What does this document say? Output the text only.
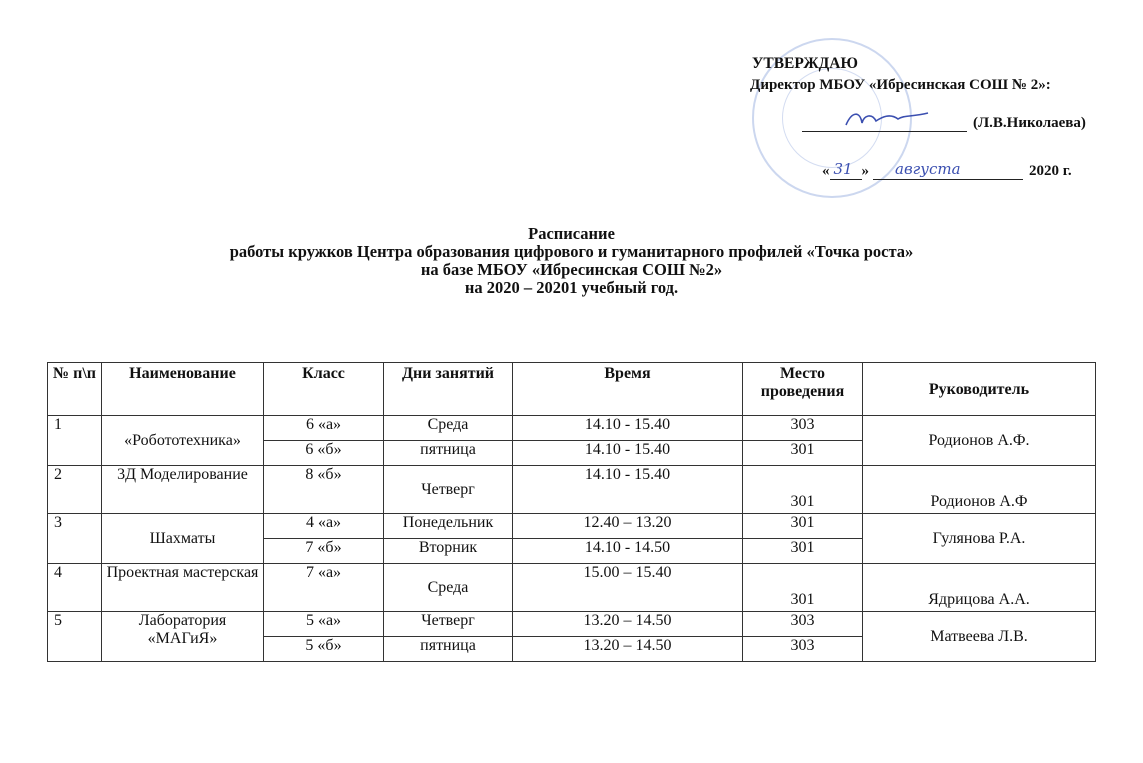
УТВЕРЖДАЮ
Директор МБОУ «Ибресинская СОШ № 2»:
(Л.В.Николаева)
« 31 » августа	2020 г.
Расписание
работы кружков Центра образования цифрового и гуманитарного профилей «Точка роста»
на базе МБОУ «Ибресинская СОШ №2»
на 2020 – 20201 учебный год.
№ п\п	Наименование	Класс	Дни занятий	Время	Место проведения	Руководитель
1	«Робототехника»	6 «а»	Среда	14.10 - 15.40	303	Родионов А.Ф.
		6 «б»	пятница	14.10 - 15.40	301	
2	3Д Моделирование	8 «б»	Четверг	14.10 - 15.40	301	Родионов А.Ф
3	Шахматы	4 «а»	Понедельник	12.40 – 13.20	301	Гулянова Р.А.
		7 «б»	Вторник	14.10 - 14.50	301	
4	Проектная мастерская	7 «а»	Среда	15.00 – 15.40	301	Ядрицова А.А.
5	Лаборатория «МАГиЯ»	5 «а»	Четверг	13.20 – 14.50	303	Матвеева Л.В.
		5 «б»	пятница	13.20 – 14.50	303	
